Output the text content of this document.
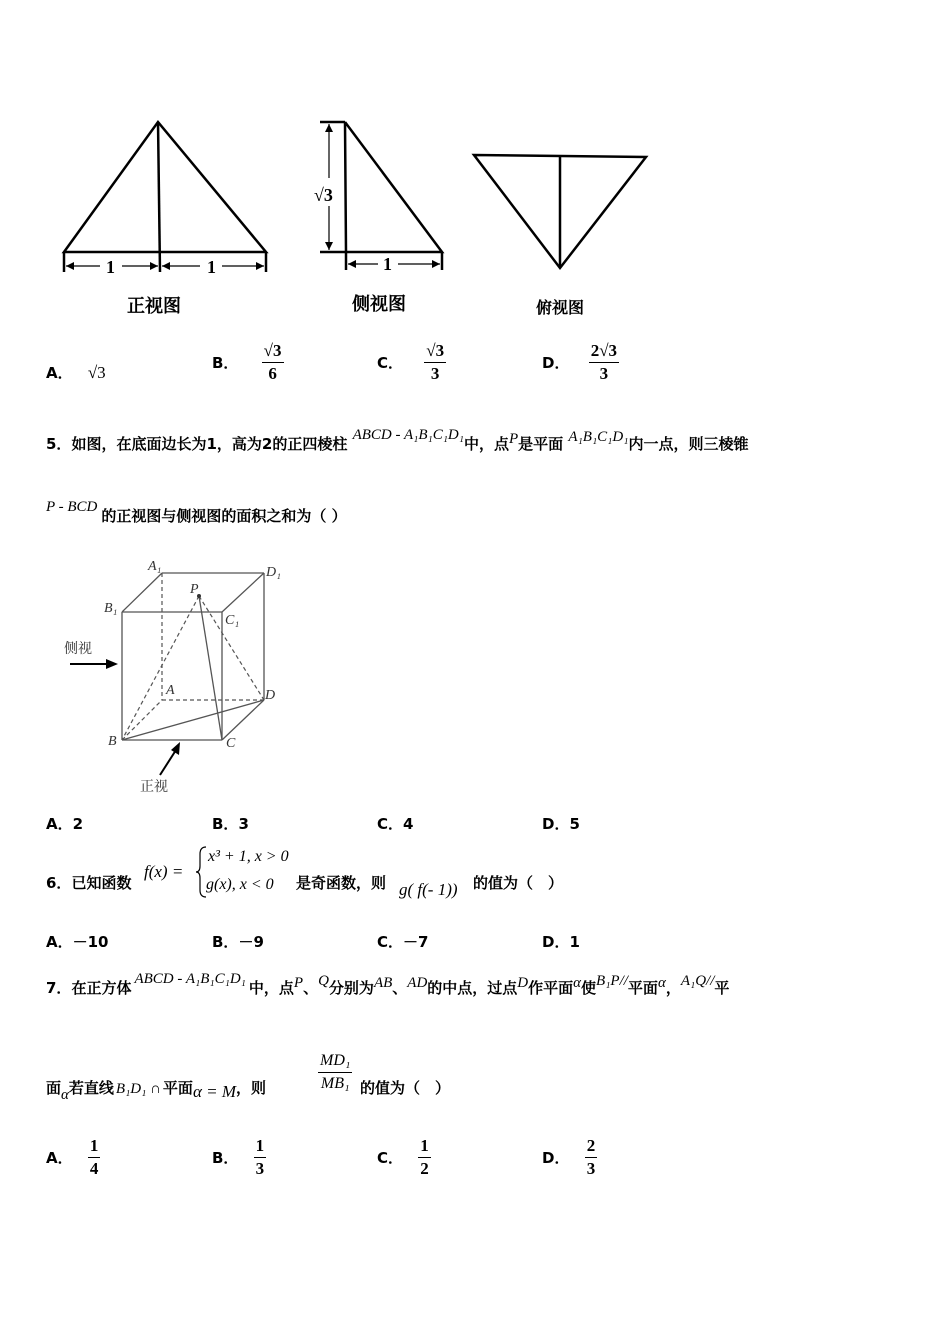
1	1
√3
1
正视图	侧视图	俯视图
A． √3	B． $\frac{√3}{6}$	C． $\frac{√3}{3}$	D． $\frac{2√3}{3}$
5．如图，在底面边长为1，高为2的正四棱柱 ABCD - A₁B₁C₁D₁中，点P是平面 A₁B₁C₁D₁内一点，则三棱锥
P - BCD 的正视图与侧视图的面积之和为（ ）
A₁	D₁
B₁
P
C₁
A	D
B	C
侧视
正视
A．2	B．3	C．4	D．5
6．已知函数
f(x) =
x³ + 1, x > 0
g(x), x < 0 是奇函数，则 g( f(- 1)) 的值为（　）
A．－10	B．－9	C．－7	D．1
7．在正方体 ABCD - A₁B₁C₁D₁ 中，点P、Q分别为AB、AD的中点，过点D作平面α使B₁P//平面α，A₁Q//平
面α若直线 B₁D₁ ∩ 平面α = M，则	$\frac{\text{MD₁}}{\text{MB₁}}$ 的值为（　）
A． $\frac{1}{4}$	B． $\frac{1}{3}$	C． $\frac{1}{2}$	D． $\frac{2}{3}$
